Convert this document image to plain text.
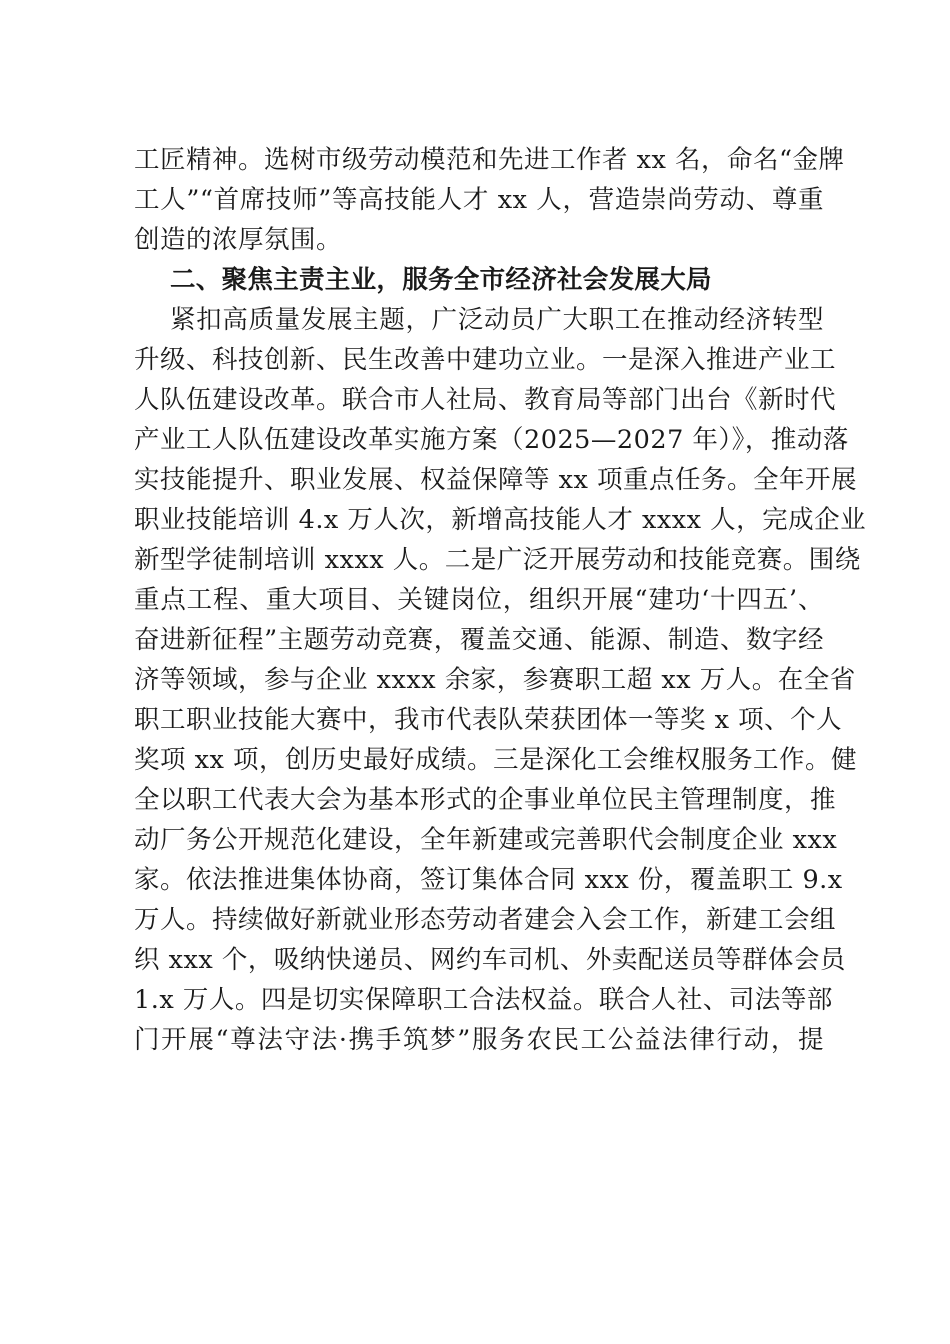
工匠精神。选树市级劳动模范和先进工作者 xx 名，命名“金牌
工人”“首席技师”等高技能人才 xx 人，营造崇尚劳动、尊重
创造的浓厚氛围。
二、聚焦主责主业，服务全市经济社会发展大局
紧扣高质量发展主题，广泛动员广大职工在推动经济转型
升级、科技创新、民生改善中建功立业。一是深入推进产业工
人队伍建设改革。联合市人社局、教育局等部门出台《新时代
产业工人队伍建设改革实施方案（2025—2027 年）》，推动落
实技能提升、职业发展、权益保障等 xx 项重点任务。全年开展
职业技能培训 4.x 万人次，新增高技能人才 xxxx 人，完成企业
新型学徒制培训 xxxx 人。二是广泛开展劳动和技能竞赛。围绕
重点工程、重大项目、关键岗位，组织开展“建功‘十四五’、
奋进新征程”主题劳动竞赛，覆盖交通、能源、制造、数字经
济等领域，参与企业 xxxx 余家，参赛职工超 xx 万人。在全省
职工职业技能大赛中，我市代表队荣获团体一等奖 x 项、个人
奖项 xx 项，创历史最好成绩。三是深化工会维权服务工作。健
全以职工代表大会为基本形式的企事业单位民主管理制度，推
动厂务公开规范化建设，全年新建或完善职代会制度企业 xxx
家。依法推进集体协商，签订集体合同 xxx 份，覆盖职工 9.x
万人。持续做好新就业形态劳动者建会入会工作，新建工会组
织 xxx 个，吸纳快递员、网约车司机、外卖配送员等群体会员
1.x 万人。四是切实保障职工合法权益。联合人社、司法等部
门开展“尊法守法·携手筑梦”服务农民工公益法律行动，提
